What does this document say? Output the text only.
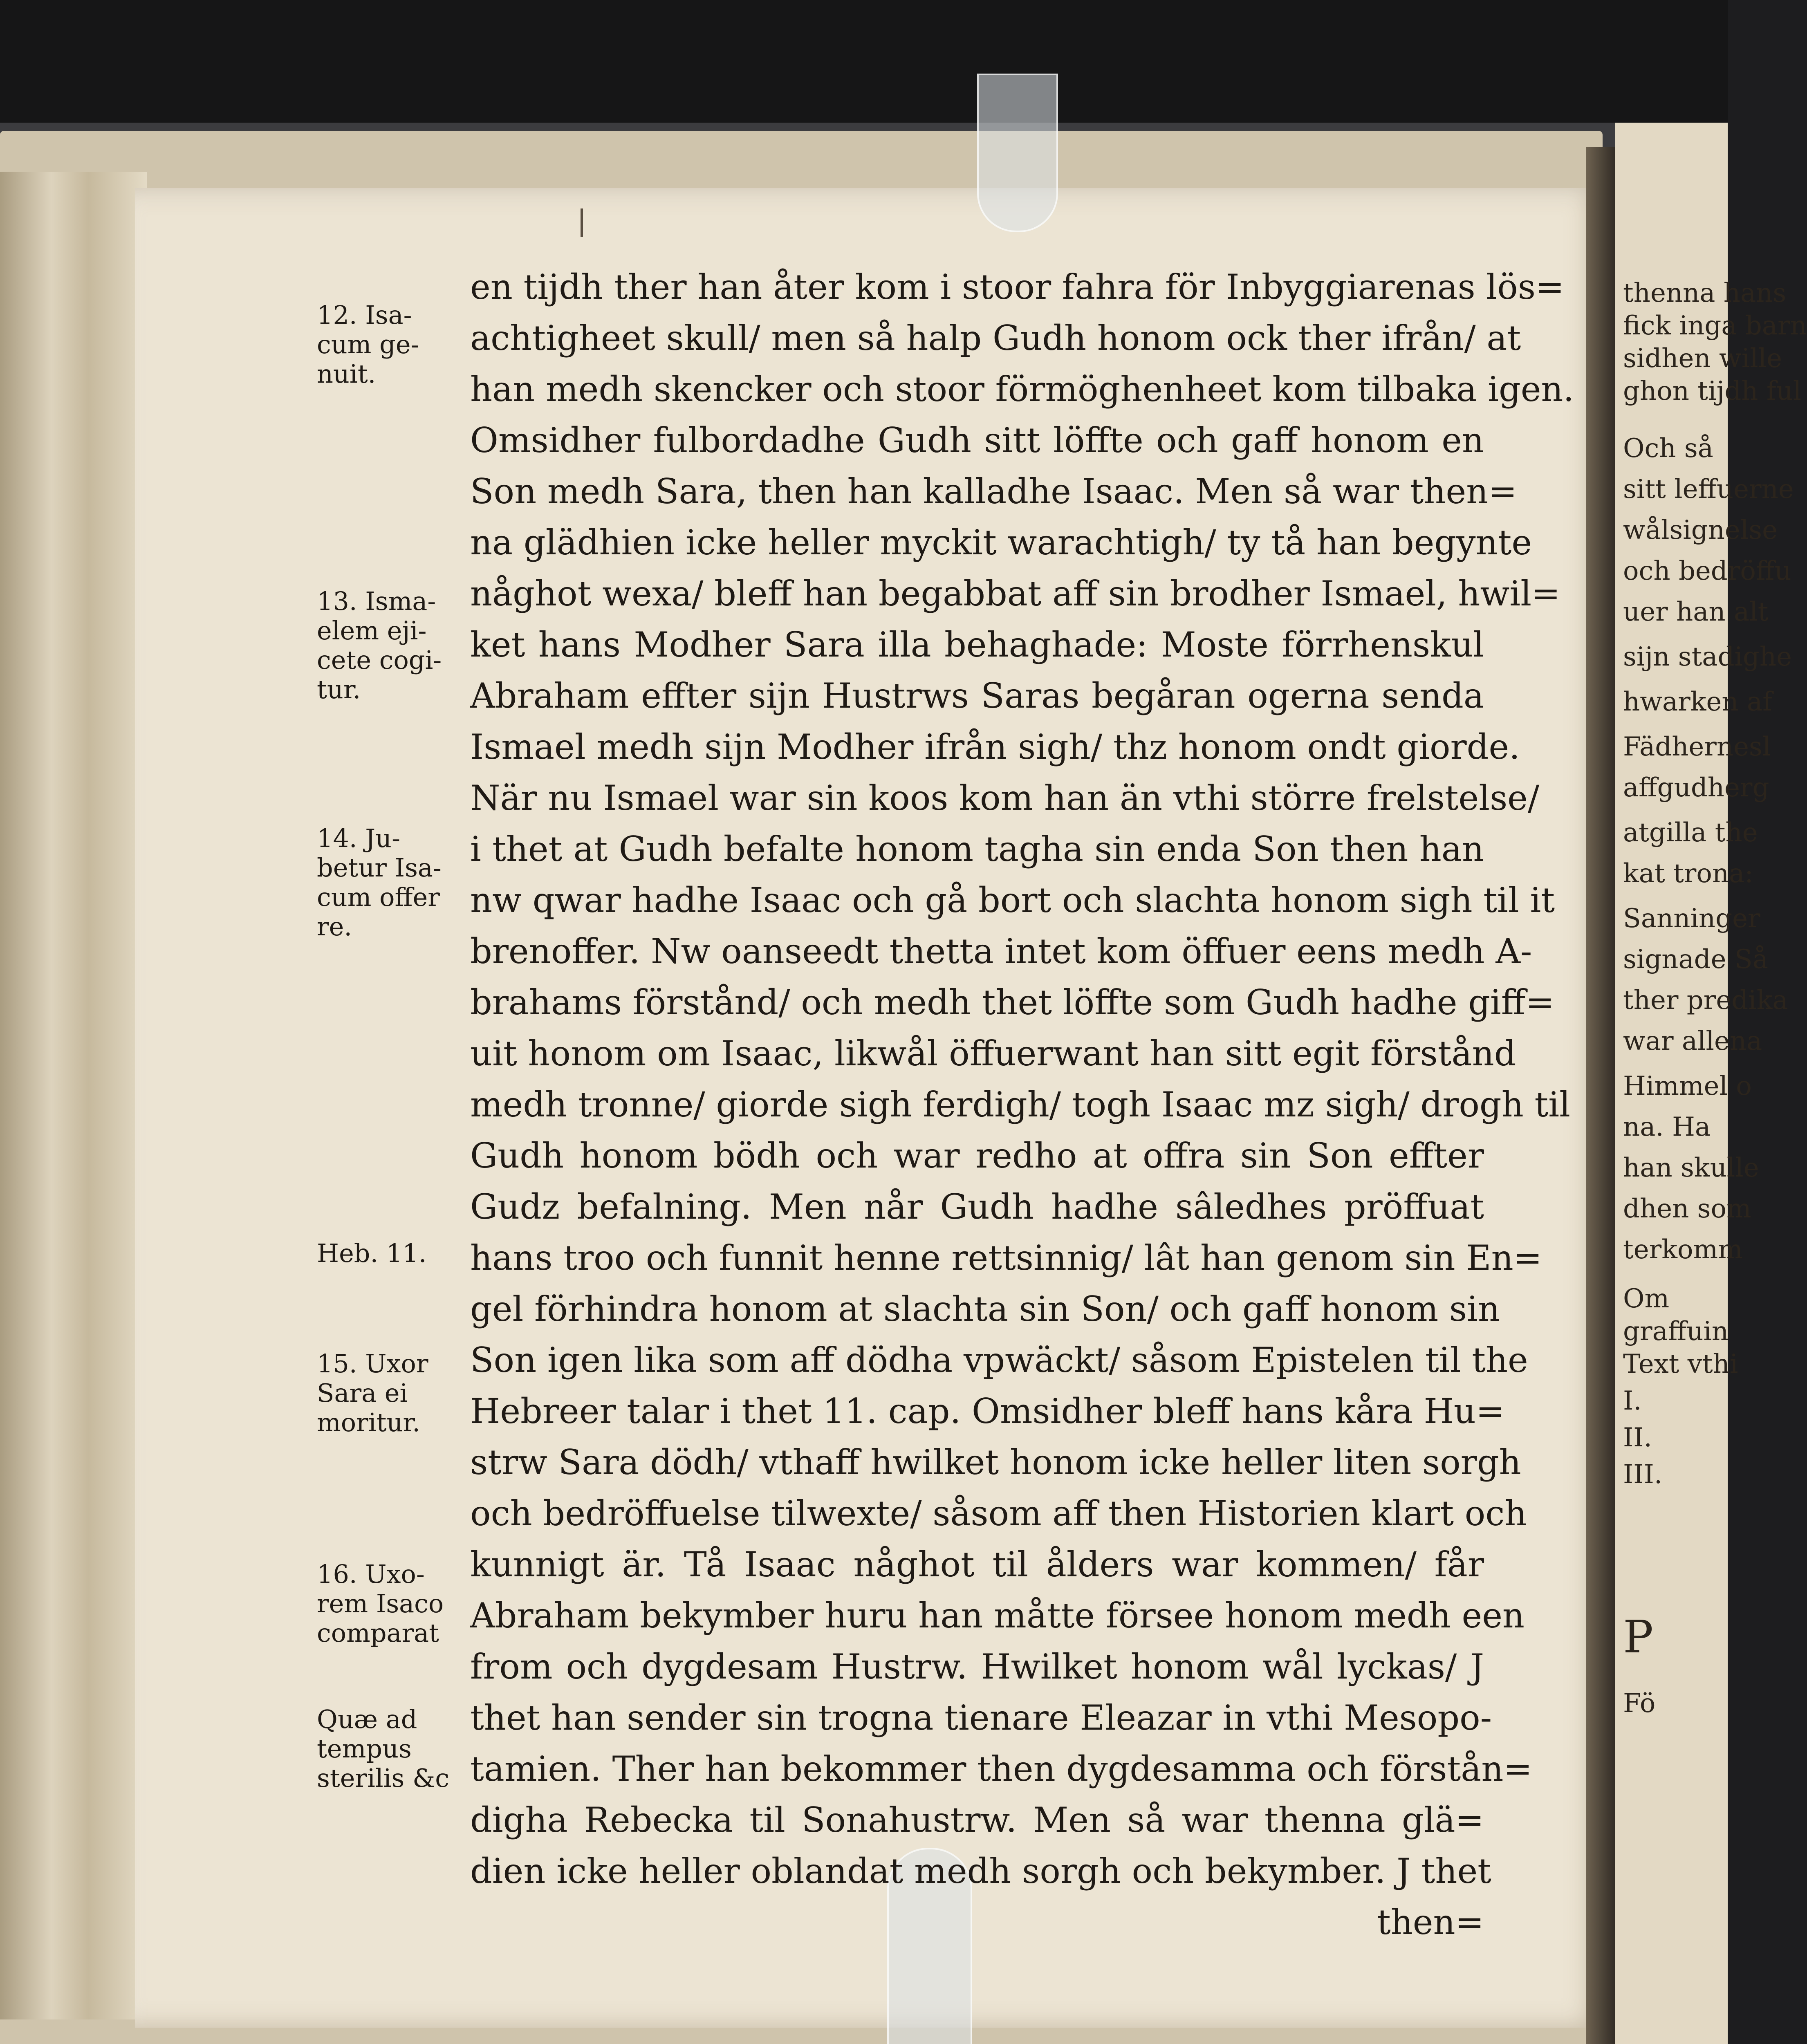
thenna hans
fick inga barn
sidhen wille
ghon tijdh ful
Och så
sitt leffuerne
wålsignelse
och bedröffu
uer han alt
sijn stadighe
hwarken af
Fädhernesl
affgudherg
atgilla the
kat trona:
Sanninger
signade Så
ther predika
war allena
Himmel o
na. Ha
han skulle
dhen som
terkomm
Om
graffuin
Text vthi
I.
II.
III.
P
Fö
en tijdh ther han åter kom i stoor fahra för Inbyggiarenas lös=
achtigheet skull/ men så halp Gudh honom ock ther ifrån/ at
han medh skencker och stoor förmöghenheet kom tilbaka igen.
Omsidher fulbordadhe Gudh sitt löffte och gaff honom en
Son medh Sara, then han kalladhe Isaac. Men så war then=
na glädhien icke heller myckit warachtigh/ ty tå han begynte
någhot wexa/ bleff han begabbat aff sin brodher Ismael, hwil=
ket hans Modher Sara illa behaghade: Moste förrhenskul
Abraham effter sijn Hustrws Saras begåran ogerna senda
Ismael medh sijn Modher ifrån sigh/ thz honom ondt giorde.
När nu Ismael war sin koos kom han än vthi större frelstelse/
i thet at Gudh befalte honom tagha sin enda Son then han
nw qwar hadhe Isaac och gå bort och slachta honom sigh til it
brenoffer. Nw oanseedt thetta intet kom öffuer eens medh A-
brahams förstånd/ och medh thet löffte som Gudh hadhe giff=
uit honom om Isaac, likwål öffuerwant han sitt egit förstånd
medh tronne/ giorde sigh ferdigh/ togh Isaac mz sigh/ drogh til
Gudh honom bödh och war redho at offra sin Son effter
Gudz befalning. Men når Gudh hadhe sâledhes pröffuat
hans troo och funnit henne rettsinnig/ lât han genom sin En=
gel förhindra honom at slachta sin Son/ och gaff honom sin
Son igen lika som aff dödha vpwäckt/ såsom Epistelen til the
Hebreer talar i thet 11. cap. Omsidher bleff hans kåra Hu=
strw Sara dödh/ vthaff hwilket honom icke heller liten sorgh
och bedröffuelse tilwexte/ såsom aff then Historien klart och
kunnigt är. Tå Isaac någhot til ålders war kommen/ får
Abraham bekymber huru han måtte försee honom medh een
from och dygdesam Hustrw. Hwilket honom wål lyckas/ J
thet han sender sin trogna tienare Eleazar in vthi Mesopo-
tamien. Ther han bekommer then dygdesamma och förstån=
digha Rebecka til Sonahustrw. Men så war thenna glä=
dien icke heller oblandat medh sorgh och bekymber. J thet
then=
12. Isa-
cum ge-
nuit.
13. Isma-
elem eji-
cete cogi-
tur.
14. Ju-
betur Isa-
cum offer
re.
Heb. 11.
15. Uxor
Sara ei
moritur.
16. Uxo-
rem Isaco
comparat
Quæ ad
tempus
sterilis &c
